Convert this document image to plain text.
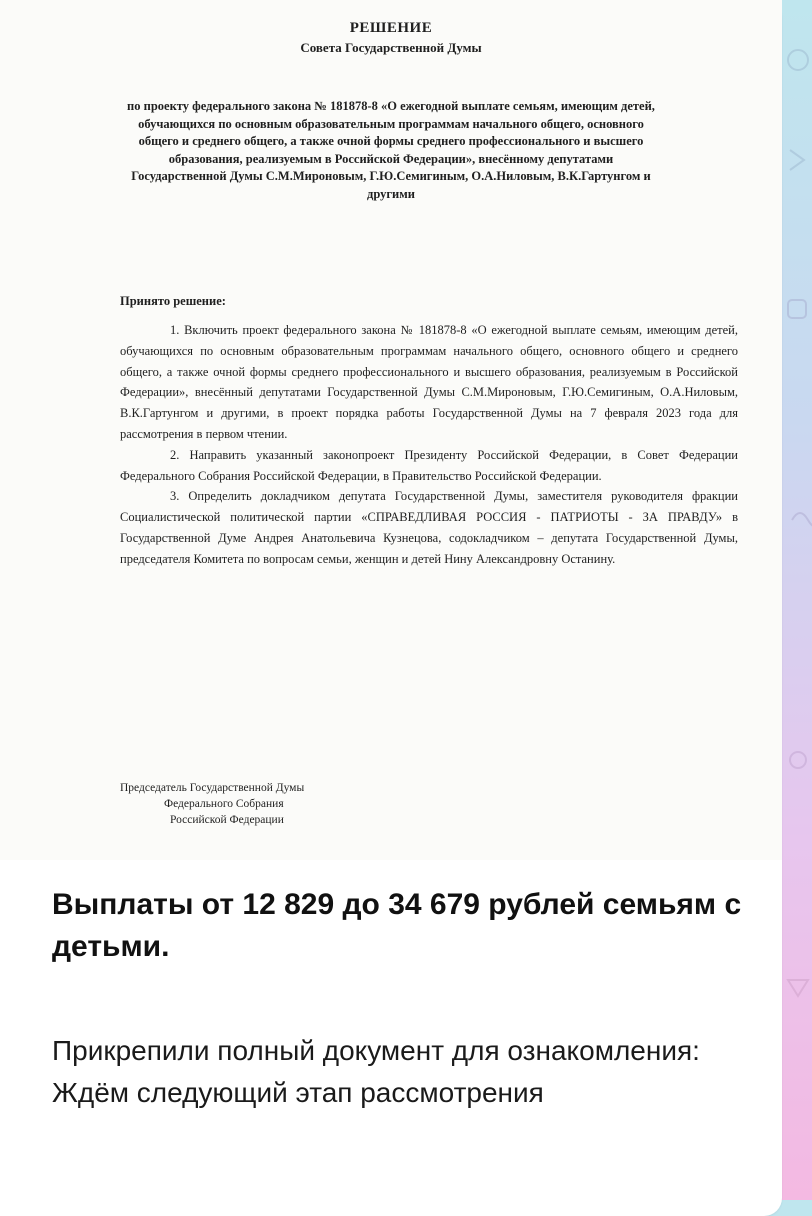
РЕШЕНИЕ
Совета Государственной Думы
по проекту федерального закона № 181878-8 «О ежегодной выплате семьям, имеющим детей, обучающихся по основным образовательным программам начального общего, основного общего и среднего общего, а также очной формы среднего профессионального и высшего образования, реализуемым в Российской Федерации», внесённому депутатами Государственной Думы С.М.Мироновым, Г.Ю.Семигиным, О.А.Ниловым, В.К.Гартунгом и другими
Принято решение:

1. Включить проект федерального закона № 181878-8 «О ежегодной выплате семьям, имеющим детей, обучающихся по основным образовательным программам начального общего, основного общего и среднего общего, а также очной формы среднего профессионального и высшего образования, реализуемым в Российской Федерации», внесённый депутатами Государственной Думы С.М.Мироновым, Г.Ю.Семигиным, О.А.Ниловым, В.К.Гартунгом и другими, в проект порядка работы Государственной Думы на 7 февраля 2023 года для рассмотрения в первом чтении.

2. Направить указанный законопроект Президенту Российской Федерации, в Совет Федерации Федерального Собрания Российской Федерации, в Правительство Российской Федерации.

3. Определить докладчиком депутата Государственной Думы, заместителя руководителя фракции Социалистической политической партии «СПРАВЕДЛИВАЯ РОССИЯ - ПАТРИОТЫ - ЗА ПРАВДУ» в Государственной Думе Андрея Анатольевича Кузнецова, содокладчиком – депутата Государственной Думы, председателя Комитета по вопросам семьи, женщин и детей Нину Александровну Останину.

Председатель Государственной Думы
Федерального Собрания
Российской Федерации
Выплаты от 12 829 до 34 679 рублей семьям с детьми.
Прикрепили полный документ для ознакомления: Ждём следующий этап рассмотрения
